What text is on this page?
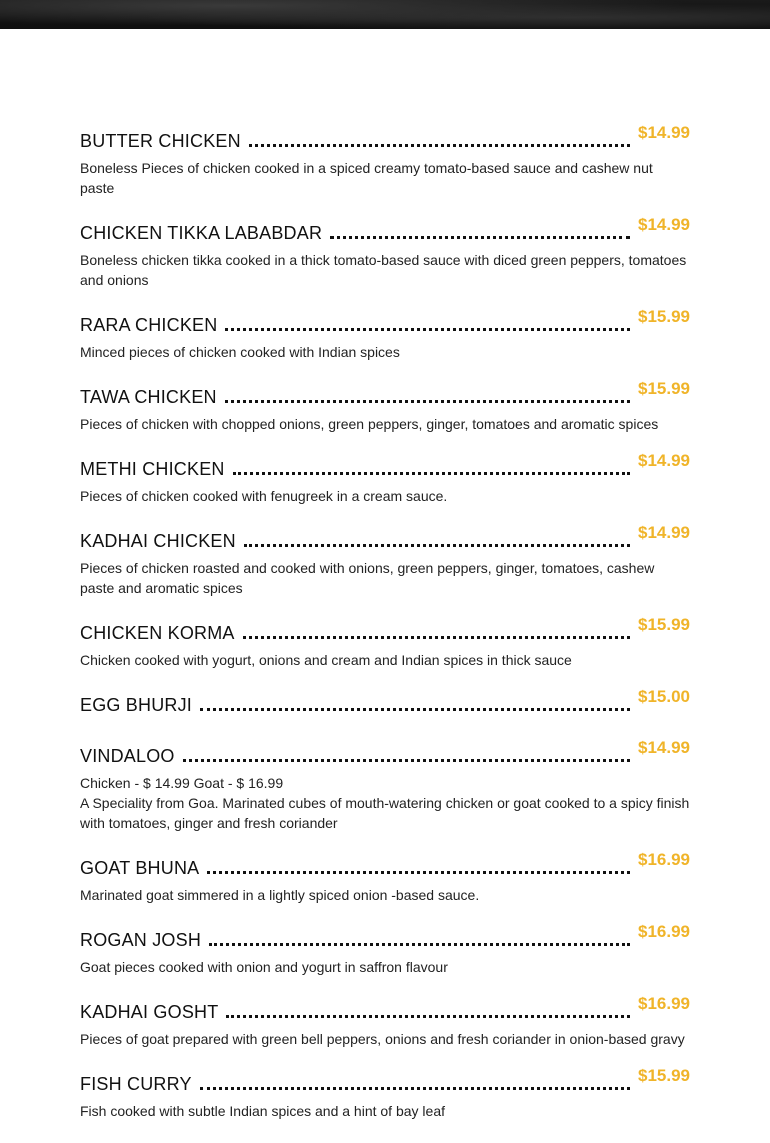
BUTTER CHICKEN	$14.99
Boneless Pieces of chicken cooked in a spiced creamy tomato-based sauce and cashew nut paste
CHICKEN TIKKA LABABDAR	$14.99
Boneless chicken tikka cooked in a thick tomato-based sauce with diced green peppers, tomatoes and onions
RARA CHICKEN	$15.99
Minced pieces of chicken cooked with Indian spices
TAWA CHICKEN	$15.99
Pieces of chicken with chopped onions, green peppers, ginger, tomatoes and aromatic spices
METHI CHICKEN	$14.99
Pieces of chicken cooked with fenugreek in a cream sauce.
KADHAI CHICKEN	$14.99
Pieces of chicken roasted and cooked with onions, green peppers, ginger, tomatoes, cashew paste and aromatic spices
CHICKEN KORMA	$15.99
Chicken cooked with yogurt, onions and cream and Indian spices in thick sauce
EGG BHURJI	$15.00
VINDALOO	$14.99
Chicken - $ 14.99 Goat - $ 16.99
A Speciality from Goa. Marinated cubes of mouth-watering chicken or goat cooked to a spicy finish with tomatoes, ginger and fresh coriander
GOAT BHUNA	$16.99
Marinated goat simmered in a lightly spiced onion -based sauce.
ROGAN JOSH	$16.99
Goat pieces cooked with onion and yogurt in saffron flavour
KADHAI GOSHT	$16.99
Pieces of goat prepared with green bell peppers, onions and fresh coriander in onion-based gravy
FISH CURRY	$15.99
Fish cooked with subtle Indian spices and a hint of bay leaf
